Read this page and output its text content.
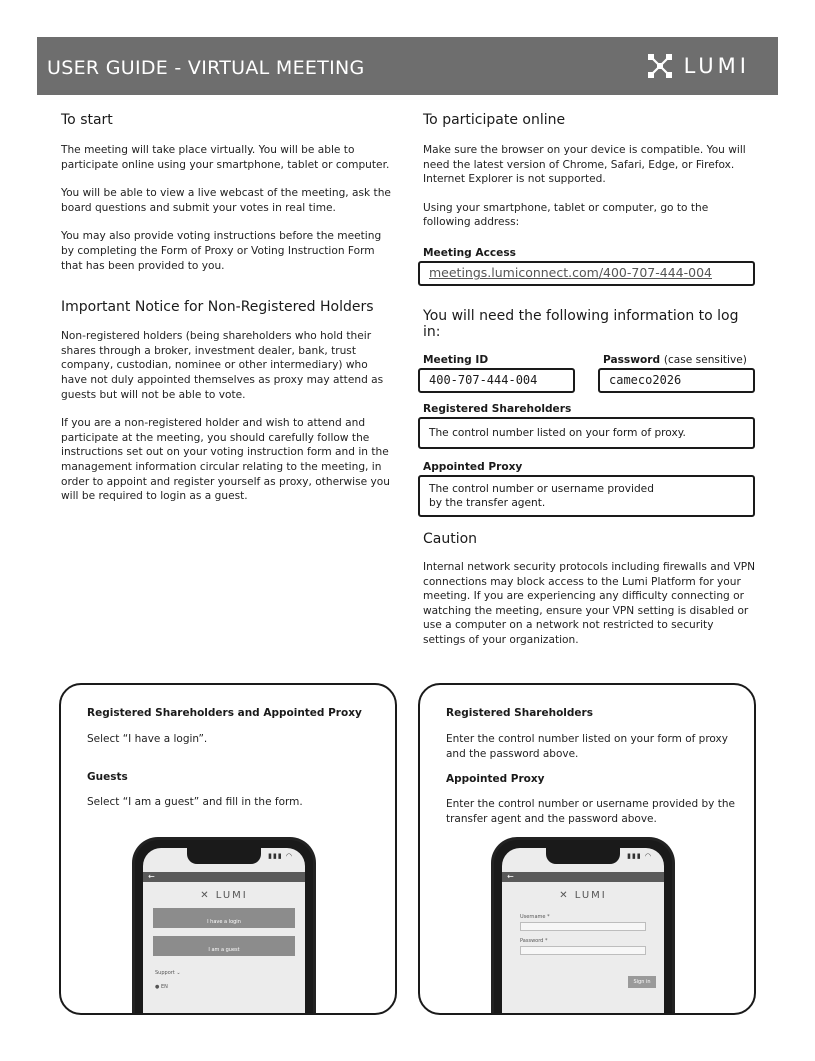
USER GUIDE - VIRTUAL MEETING	LUMI
To start

The meeting will take place virtually. You will be able to participate online using your smartphone, tablet or computer.

You will be able to view a live webcast of the meeting, ask the board questions and submit your votes in real time.

You may also provide voting instructions before the meeting by completing the Form of Proxy or Voting Instruction Form that has been provided to you.

Important Notice for Non-Registered Holders

Non-registered holders (being shareholders who hold their shares through a broker, investment dealer, bank, trust company, custodian, nominee or other intermediary) who have not duly appointed themselves as proxy may attend as guests but will not be able to vote.

If you are a non-registered holder and wish to attend and participate at the meeting, you should carefully follow the instructions set out on your voting instruction form and in the management information circular relating to the meeting, in order to appoint and register yourself as proxy, otherwise you will be required to login as a guest.

To participate online

Make sure the browser on your device is compatible. You will need the latest version of Chrome, Safari, Edge, or Firefox. Internet Explorer is not supported.

Using your smartphone, tablet or computer, go to the following address:

Meeting Access
meetings.lumiconnect.com/400-707-444-004
You will need the following information to log in:
Meeting ID
400-707-444-004
Password (case sensitive)
cameco2026
Registered Shareholders
The control number listed on your form of proxy.
Appointed Proxy
The control number or username provided by the transfer agent.
Caution

Internal network security protocols including firewalls and VPN connections may block access to the Lumi Platform for your meeting. If you are experiencing any difficulty connecting or watching the meeting, ensure your VPN setting is disabled or use a computer on a network not restricted to security settings of your organization.

Registered Shareholders and Appointed Proxy

Select “I have a login”.

Guests

Select “I am a guest” and fill in the form.

▮▮▮ ◠
←
✕ LUMI
I have a login
I am a guest
Support ⌄
● EN
Registered Shareholders

Enter the control number listed on your form of proxy and the password above.

Appointed Proxy

Enter the control number or username provided by the transfer agent and the password above.

▮▮▮ ◠
←
✕ LUMI
Username *
Password *
Sign in
